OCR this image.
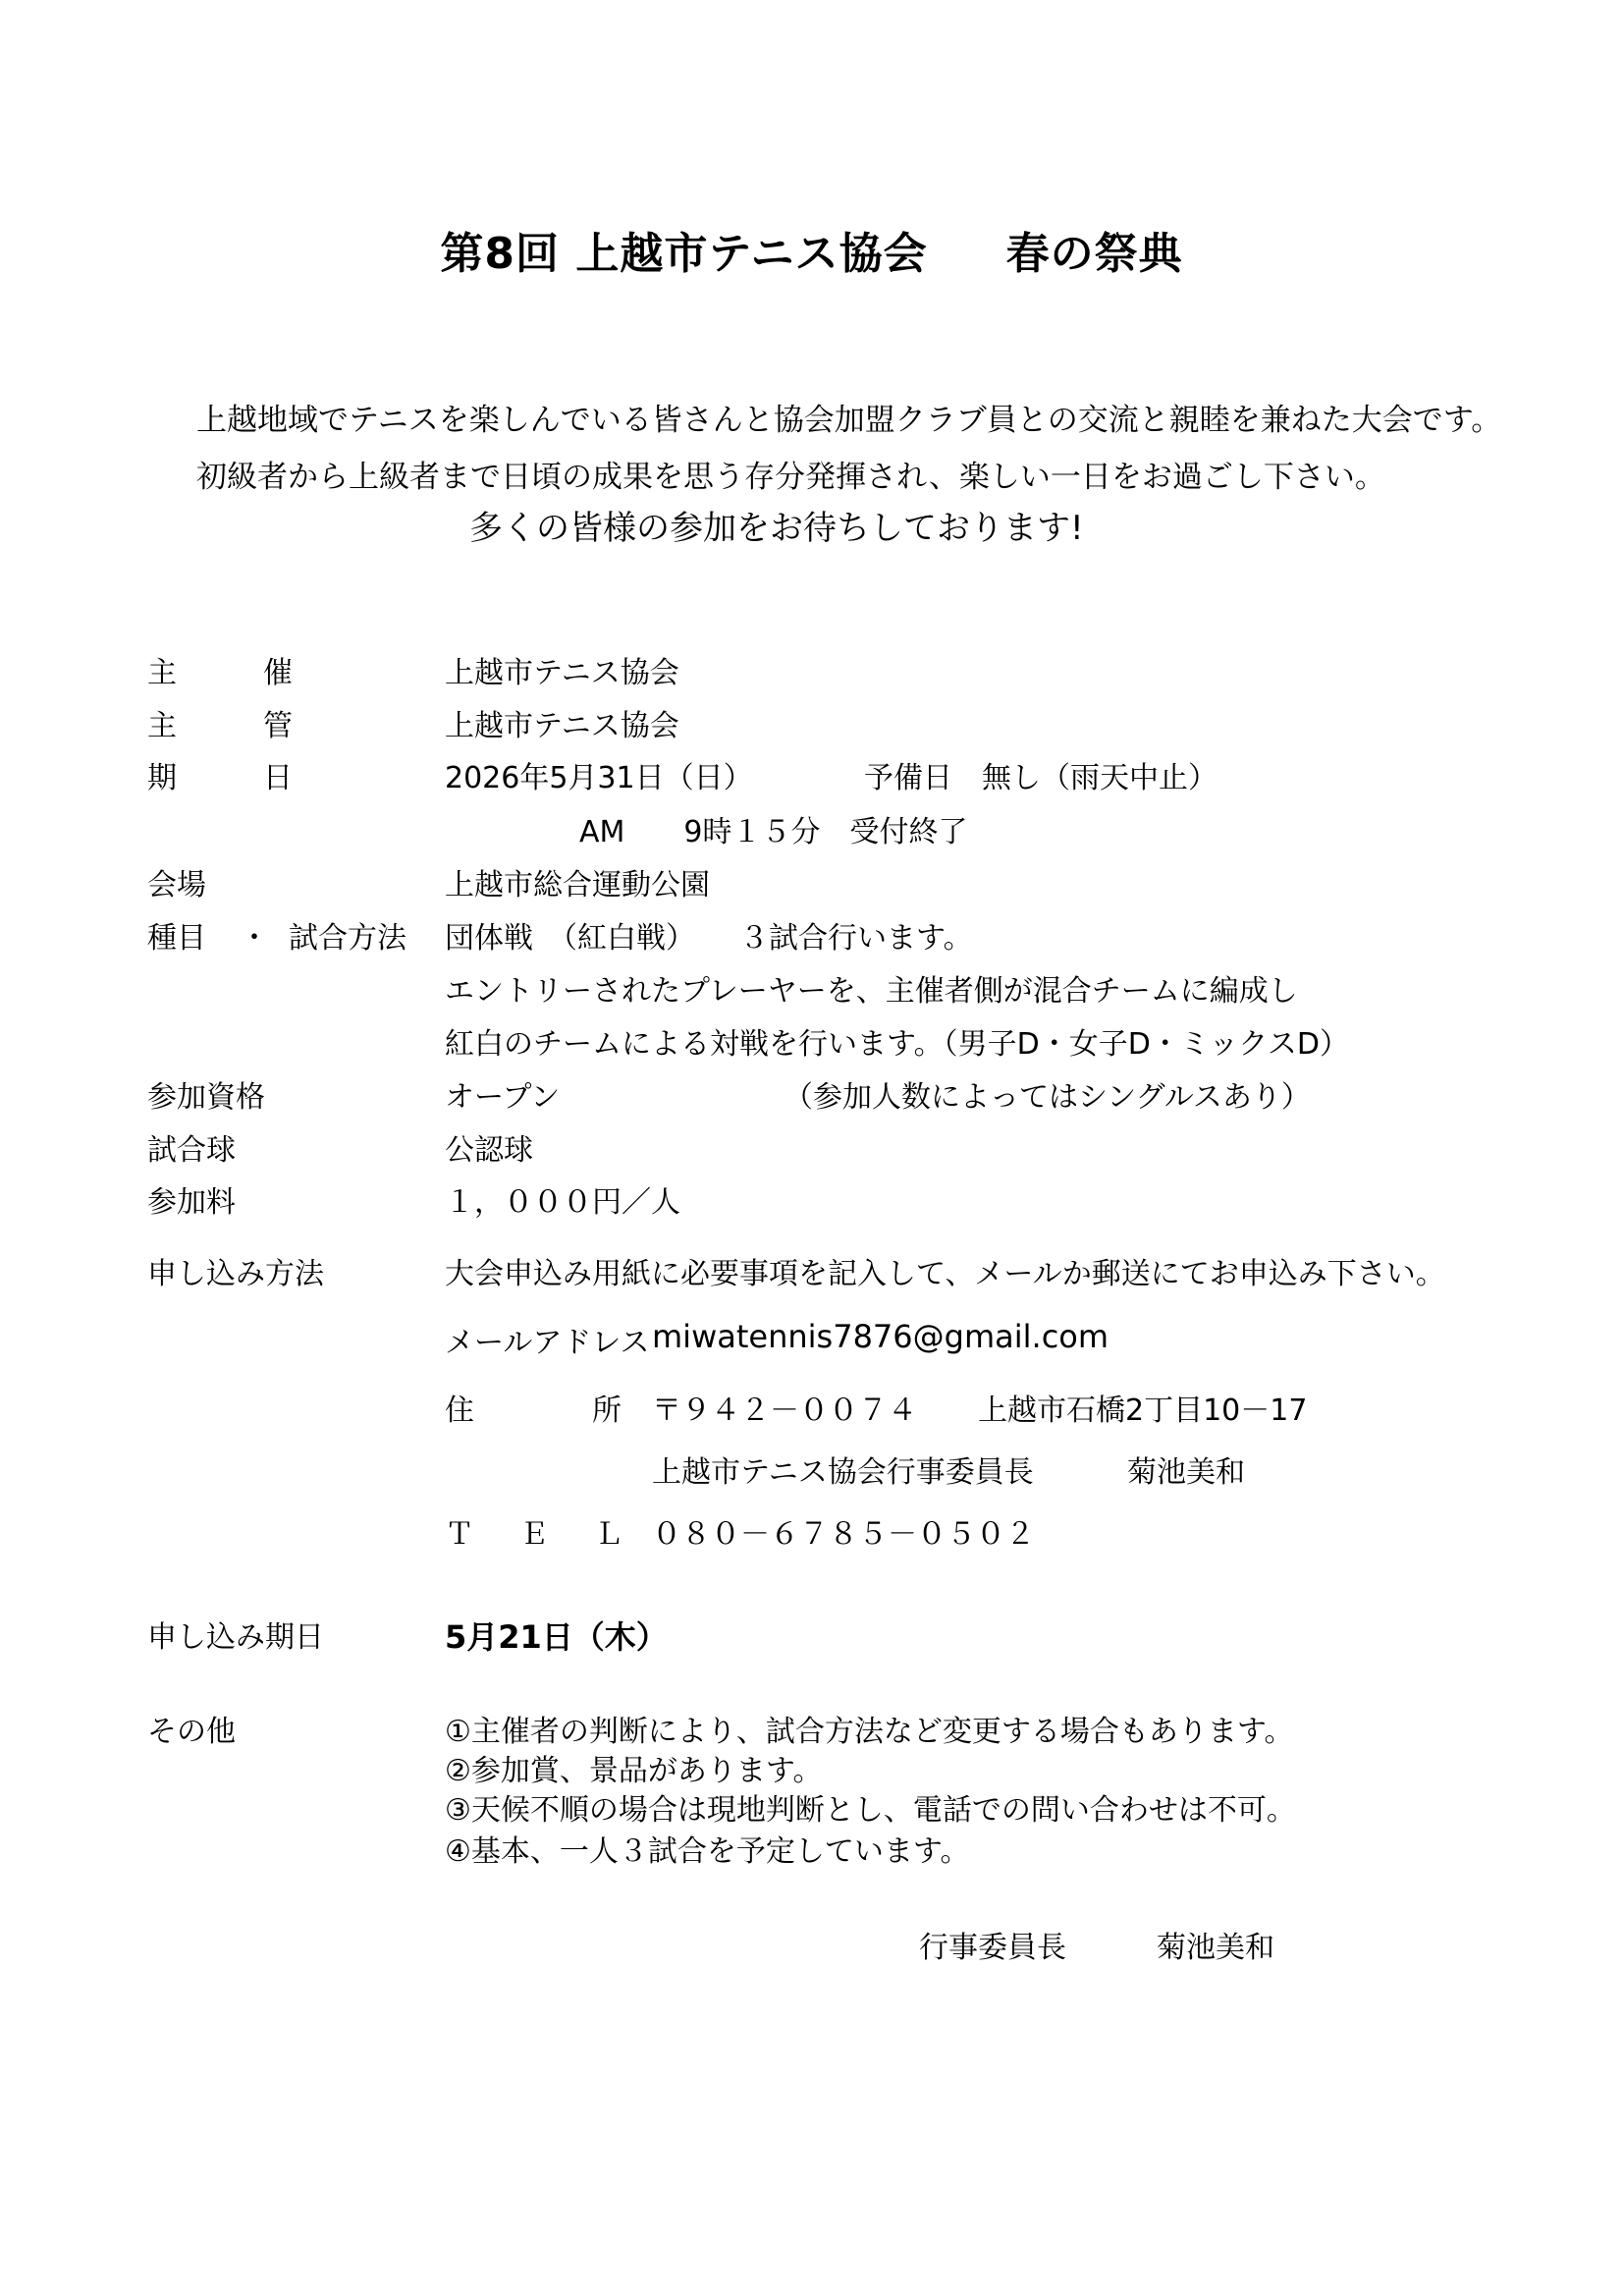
第8回 上越市テニス協会 春の祭典
上越地域でテニスを楽しんでいる皆さんと協会加盟クラブ員との交流と親睦を兼ねた大会です。
初級者から上級者まで日頃の成果を思う存分発揮され、楽しい一日をお過ごし下さい。
多くの皆様の参加をお待ちしております!
主	催	上越市テニス協会
主	管	上越市テニス協会
期	日	2026年5月31日（日）	予備日　無し（雨天中止）
AM　　9時１５分　受付終了
会場	上越市総合運動公園
種目 ・ 試合方法 団体戦　（紅白戦）　　３試合行います。
エントリーされたプレーヤーを、主催者側が混合チームに編成し
紅白のチームによる対戦を行います。（男子D・女子D・ミックスD）
参加資格	オープン	（参加人数によってはシングルスあり）
試合球	公認球
参加料	１，０００円／人
申し込み方法	大会申込み用紙に必要事項を記入して、メールか郵送にてお申込み下さい。
メールアドレス miwatennis7876@gmail.com
住	所 〒９４２－００７４ 上越市石橋2丁目10－17
上越市テニス協会行事委員長	菊池美和
Ｔ　Ｅ　Ｌ ０８０－６７８５－０５０２
申し込み期日	5月21日（木）
その他	①主催者の判断により、試合方法など変更する場合もあります。
②参加賞、景品があります。
③天候不順の場合は現地判断とし、電話での問い合わせは不可。
④基本、一人３試合を予定しています。
行事委員長	菊池美和
